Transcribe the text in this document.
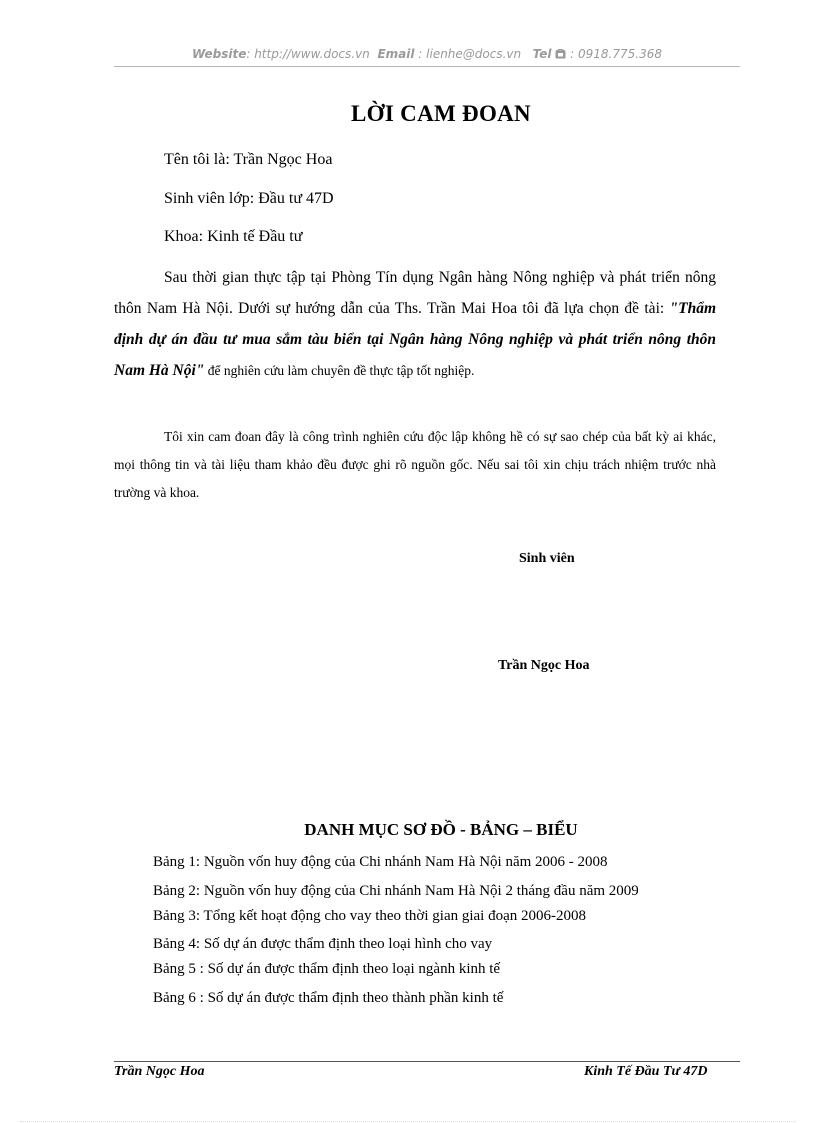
Website: http://www.docs.vn Email : lienhe@docs.vn Tel : 0918.775.368
LỜI CAM ĐOAN
Tên tôi là: Trần Ngọc Hoa
Sinh viên lớp: Đầu tư 47D
Khoa: Kinh tế Đầu tư
Sau thời gian thực tập tại Phòng Tín dụng Ngân hàng Nông nghiệp và phát triển nông thôn Nam Hà Nội. Dưới sự hướng dẫn của Ths. Trần Mai Hoa tôi đã lựa chọn đề tài: "Thẩm định dự án đầu tư mua sắm tàu biển tại Ngân hàng Nông nghiệp và phát triển nông thôn Nam Hà Nội" để nghiên cứu làm chuyên đề thực tập tốt nghiệp.
Tôi xin cam đoan đây là công trình nghiên cứu độc lập không hề có sự sao chép của bất kỳ ai khác, mọi thông tin và tài liệu tham khảo đều được ghi rõ nguồn gốc. Nếu sai tôi xin chịu trách nhiệm trước nhà trường và khoa.
Sinh viên
Trần Ngọc Hoa
DANH MỤC SƠ ĐỒ - BẢNG – BIỂU
Bảng 1: Nguồn vốn huy động của Chi nhánh Nam Hà Nội năm 2006 - 2008
Bảng 2: Nguồn vốn huy động của Chi nhánh Nam Hà Nội 2 tháng đầu năm 2009
Bảng 3: Tổng kết hoạt động cho vay theo thời gian giai đoạn 2006-2008
Bảng 4: Số dự án được thẩm định theo loại hình cho vay
Bảng 5 : Số dự án được thẩm định theo loại ngành kinh tế
Bảng 6 : Số dự án được thẩm định theo thành phần kinh tế
Trần Ngọc Hoa	Kinh Tế Đầu Tư 47D
